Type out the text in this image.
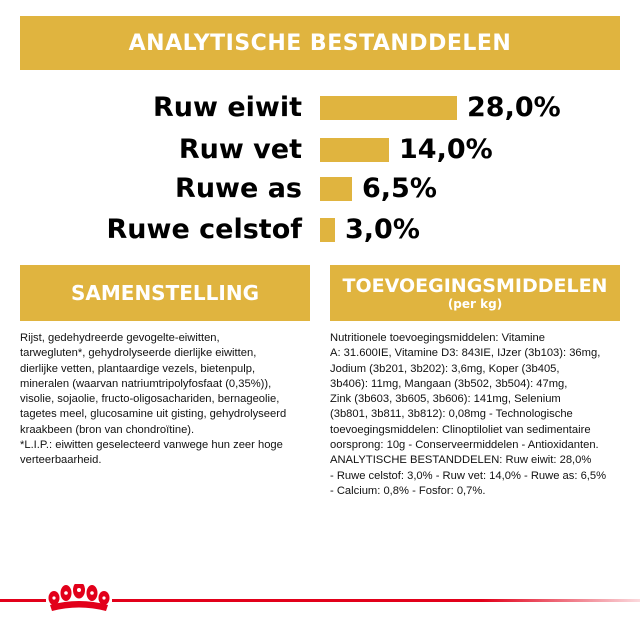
ANALYTISCHE BESTANDDELEN
Ruw eiwit	28,0%
Ruw vet	14,0%
Ruwe as 6,5%
Ruwe celstof 3,0%
SAMENSTELLING
Rijst, gedehydreerde gevogelte-eiwitten,
tarwegluten*, gehydrolyseerde dierlijke eiwitten,
dierlijke vetten, plantaardige vezels, bietenpulp,
mineralen (waarvan natriumtripolyfosfaat (0,35%)),
visolie, sojaolie, fructo-oligosachariden, bernageolie,
tagetes meel, glucosamine uit gisting, gehydrolyseerd
kraakbeen (bron van chondroïtine).
*L.I.P.: eiwitten geselecteerd vanwege hun zeer hoge
verteerbaarheid.
TOEVOEGINGSMIDDELEN
(per kg)
Nutritionele toevoegingsmiddelen: Vitamine
A: 31.600IE, Vitamine D3: 843IE, IJzer (3b103): 36mg,
Jodium (3b201, 3b202): 3,6mg, Koper (3b405,
3b406): 11mg, Mangaan (3b502, 3b504): 47mg,
Zink (3b603, 3b605, 3b606): 141mg, Selenium
(3b801, 3b811, 3b812): 0,08mg - Technologische
toevoegingsmiddelen: Clinoptiloliet van sedimentaire
oorsprong: 10g - Conserveermiddelen - Antioxidanten.
ANALYTISCHE BESTANDDELEN: Ruw eiwit: 28,0%
- Ruwe celstof: 3,0% - Ruw vet: 14,0% - Ruwe as: 6,5%
- Calcium: 0,8% - Fosfor: 0,7%.
